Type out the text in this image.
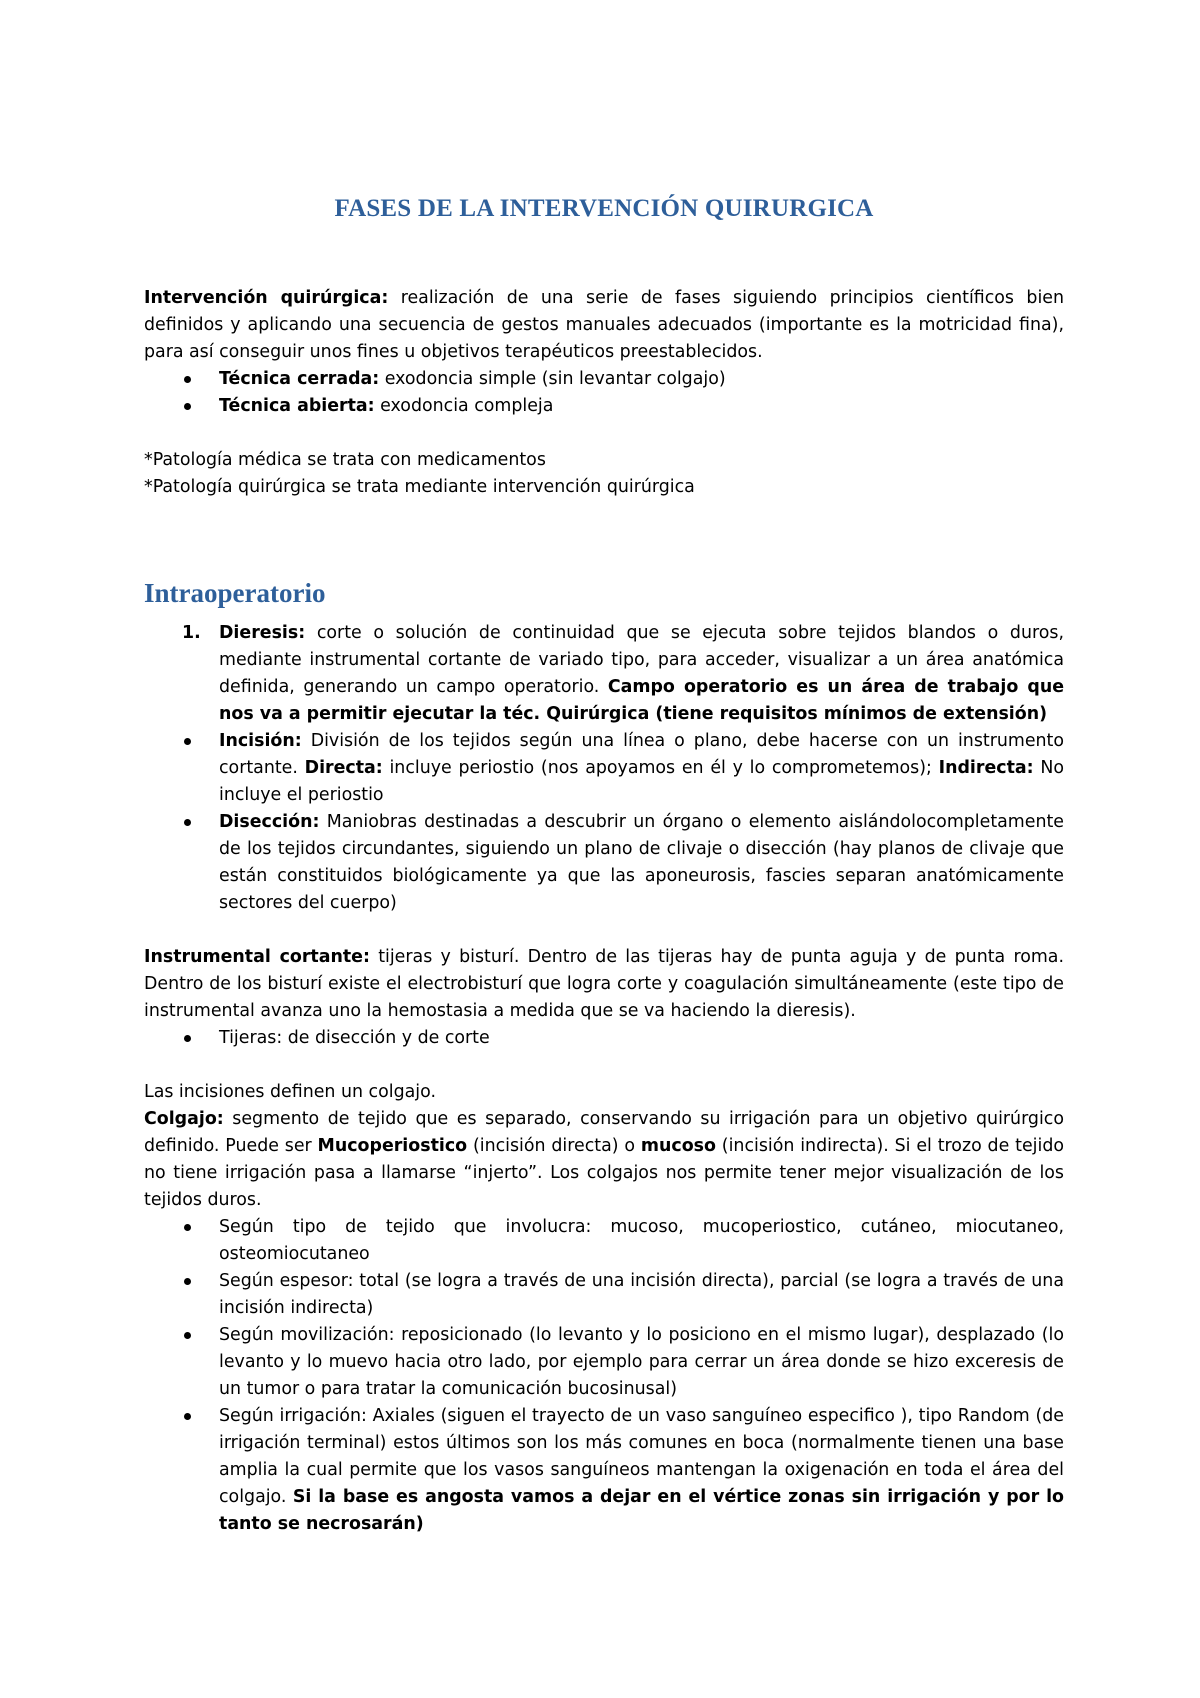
FASES DE LA INTERVENCIÓN QUIRURGICA

Intervención quirúrgica: realización de una serie de fases siguiendo principios científicos bien definidos y aplicando una secuencia de gestos manuales adecuados (importante es la motricidad fina), para así conseguir unos fines u objetivos terapéuticos preestablecidos.

Técnica cerrada: exodoncia simple (sin levantar colgajo)
Técnica abierta: exodoncia compleja

*Patología médica se trata con medicamentos

*Patología quirúrgica se trata mediante intervención quirúrgica

Intraoperatorio
1. Dieresis: corte o solución de continuidad que se ejecuta sobre tejidos blandos o duros, mediante instrumental cortante de variado tipo, para acceder, visualizar a un área anatómica definida, generando un campo operatorio. Campo operatorio es un área de trabajo que nos va a permitir ejecutar la téc. Quirúrgica (tiene requisitos mínimos de extensión)
Incisión: División de los tejidos según una línea o plano, debe hacerse con un instrumento cortante. Directa: incluye periostio (nos apoyamos en él y lo comprometemos); Indirecta: No incluye el periostio
Disección: Maniobras destinadas a descubrir un órgano o elemento aislándolocompletamente de los tejidos circundantes, siguiendo un plano de clivaje o disección (hay planos de clivaje que están constituidos biológicamente ya que las aponeurosis, fascies separan anatómicamente sectores del cuerpo)

Instrumental cortante: tijeras y bisturí. Dentro de las tijeras hay de punta aguja y de punta roma. Dentro de los bisturí existe el electrobisturí que logra corte y coagulación simultáneamente (este tipo de instrumental avanza uno la hemostasia a medida que se va haciendo la dieresis).

Tijeras: de disección y de corte

Las incisiones definen un colgajo.

Colgajo: segmento de tejido que es separado, conservando su irrigación para un objetivo quirúrgico definido. Puede ser Mucoperiostico (incisión directa) o mucoso (incisión indirecta). Si el trozo de tejido no tiene irrigación pasa a llamarse “injerto”. Los colgajos nos permite tener mejor visualización de los tejidos duros.

Según tipo de tejido que involucra: mucoso, mucoperiostico, cutáneo, miocutaneo, osteomiocutaneo
Según espesor: total (se logra a través de una incisión directa), parcial (se logra a través de una incisión indirecta)
Según movilización: reposicionado (lo levanto y lo posiciono en el mismo lugar), desplazado (lo levanto y lo muevo hacia otro lado, por ejemplo para cerrar un área donde se hizo exceresis de un tumor o para tratar la comunicación bucosinusal)
Según irrigación: Axiales (siguen el trayecto de un vaso sanguíneo especifico ), tipo Random (de irrigación terminal) estos últimos son los más comunes en boca (normalmente tienen una base amplia la cual permite que los vasos sanguíneos mantengan la oxigenación en toda el área del colgajo. Si la base es angosta vamos a dejar en el vértice zonas sin irrigación y por lo tanto se necrosarán)
